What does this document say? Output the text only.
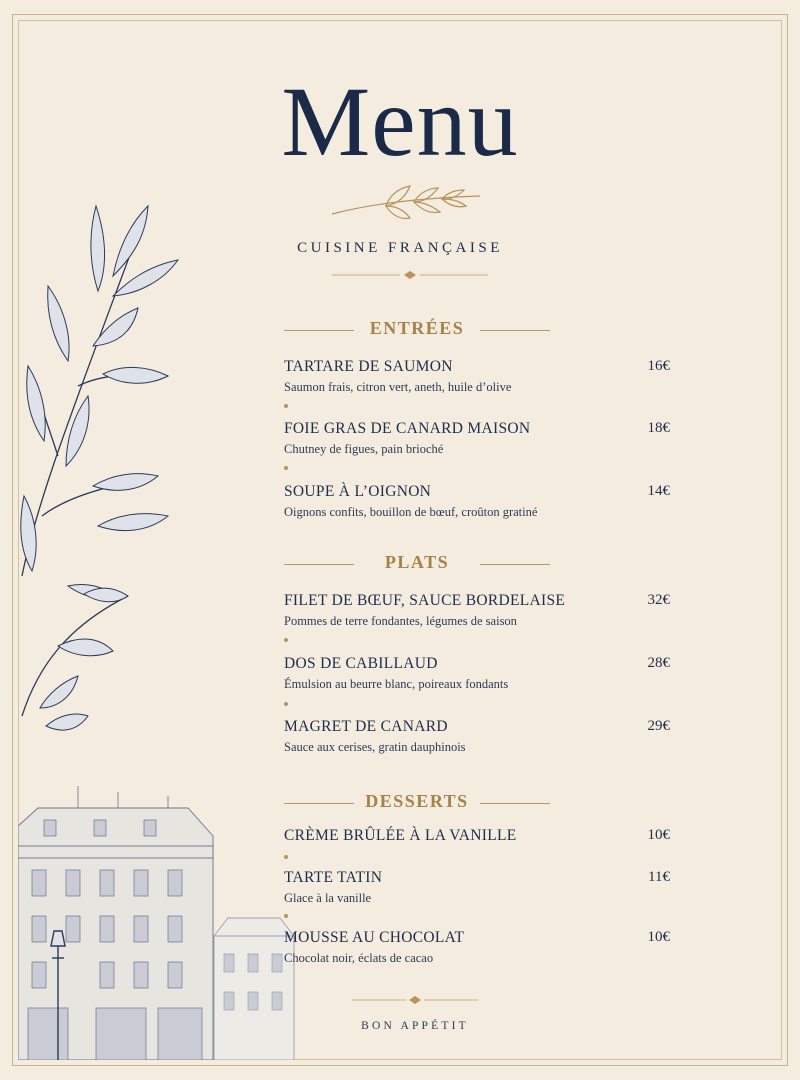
Menu
CUISINE FRANÇAISE
ENTRÉES
TARTARE DE SAUMON	16€
Saumon frais, citron vert, aneth, huile d’olive
FOIE GRAS DE CANARD MAISON	18€
Chutney de figues, pain brioché
SOUPE À L’OIGNON	14€
Oignons confits, bouillon de bœuf, croûton gratiné
PLATS
FILET DE BŒUF, SAUCE BORDELAISE	32€
Pommes de terre fondantes, légumes de saison
DOS DE CABILLAUD	28€
Émulsion au beurre blanc, poireaux fondants
MAGRET DE CANARD	29€
Sauce aux cerises, gratin dauphinois
DESSERTS
CRÈME BRÛLÉE À LA VANILLE	10€
TARTE TATIN	11€
Glace à la vanille
MOUSSE AU CHOCOLAT	10€
Chocolat noir, éclats de cacao
BON APPÉTIT
